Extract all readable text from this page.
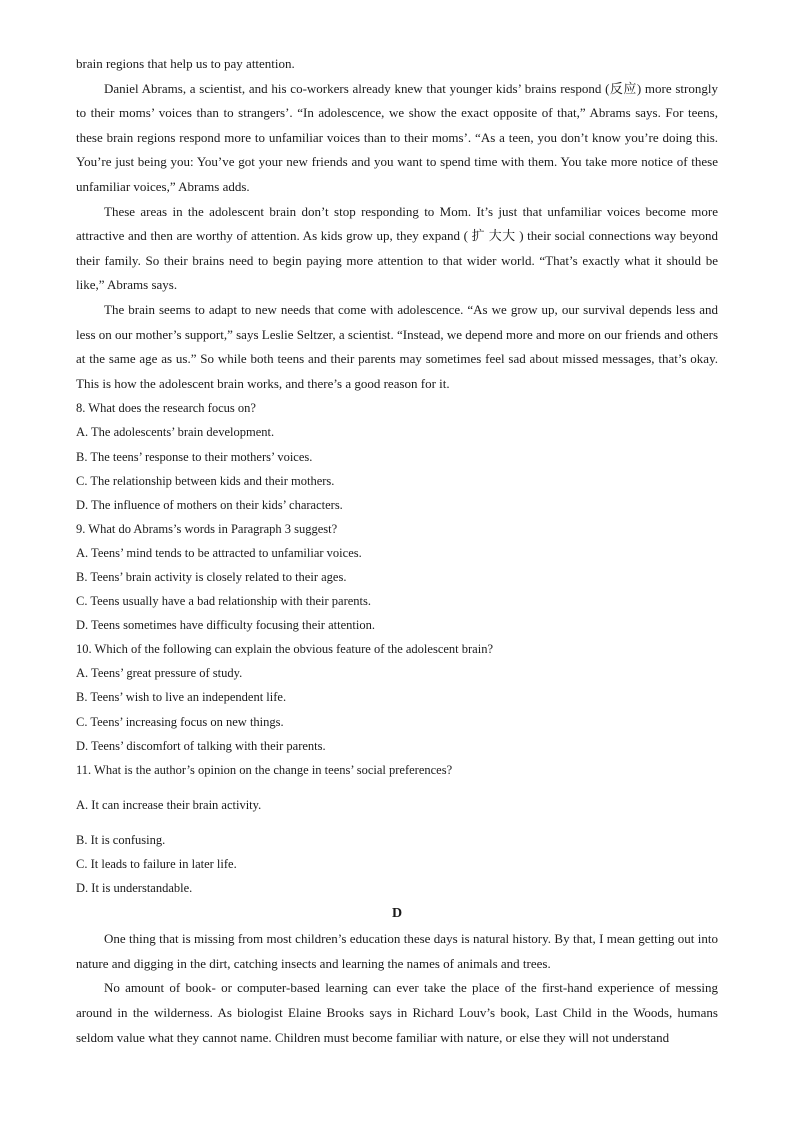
brain regions that help us to pay attention.

Daniel Abrams, a scientist, and his co-workers already knew that younger kids’ brains respond (反应) more strongly to their moms’ voices than to strangers’. “In adolescence, we show the exact opposite of that,” Abrams says. For teens, these brain regions respond more to unfamiliar voices than to their moms’. “As a teen, you don’t know you’re doing this. You’re just being you: You’ve got your new friends and you want to spend time with them. You take more notice of these unfamiliar voices,” Abrams adds.

These areas in the adolescent brain don’t stop responding to Mom. It’s just that unfamiliar voices become more attractive and then are worthy of attention. As kids grow up, they expand ( 扩 大大 ) their social connections way beyond their family. So their brains need to begin paying more attention to that wider world. “That’s exactly what it should be like,” Abrams says.

The brain seems to adapt to new needs that come with adolescence. “As we grow up, our survival depends less and less on our mother’s support,” says Leslie Seltzer, a scientist. “Instead, we depend more and more on our friends and others at the same age as us.” So while both teens and their parents may sometimes feel sad about missed messages, that’s okay. This is how the adolescent brain works, and there’s a good reason for it.

8. What does the research focus on?
A. The adolescents’ brain development.
B. The teens’ response to their mothers’ voices.
C. The relationship between kids and their mothers.
D. The influence of mothers on their kids’ characters.
9. What do Abrams’s words in Paragraph 3 suggest?
A. Teens’ mind tends to be attracted to unfamiliar voices.
B. Teens’ brain activity is closely related to their ages.
C. Teens usually have a bad relationship with their parents.
D. Teens sometimes have difficulty focusing their attention.
10. Which of the following can explain the obvious feature of the adolescent brain?
A. Teens’ great pressure of study.
B. Teens’ wish to live an independent life.
C. Teens’ increasing focus on new things.
D. Teens’ discomfort of talking with their parents.
11. What is the author’s opinion on the change in teens’ social preferences?
A. It can increase their brain activity.
B. It is confusing.
C. It leads to failure in later life.
D. It is understandable.
D

One thing that is missing from most children’s education these days is natural history. By that, I mean getting out into nature and digging in the dirt, catching insects and learning the names of animals and trees.

No amount of book- or computer-based learning can ever take the place of the first-hand experience of messing around in the wilderness. As biologist Elaine Brooks says in Richard Louv’s book, Last Child in the Woods, humans seldom value what they cannot name. Children must become familiar with nature, or else they will not understand
